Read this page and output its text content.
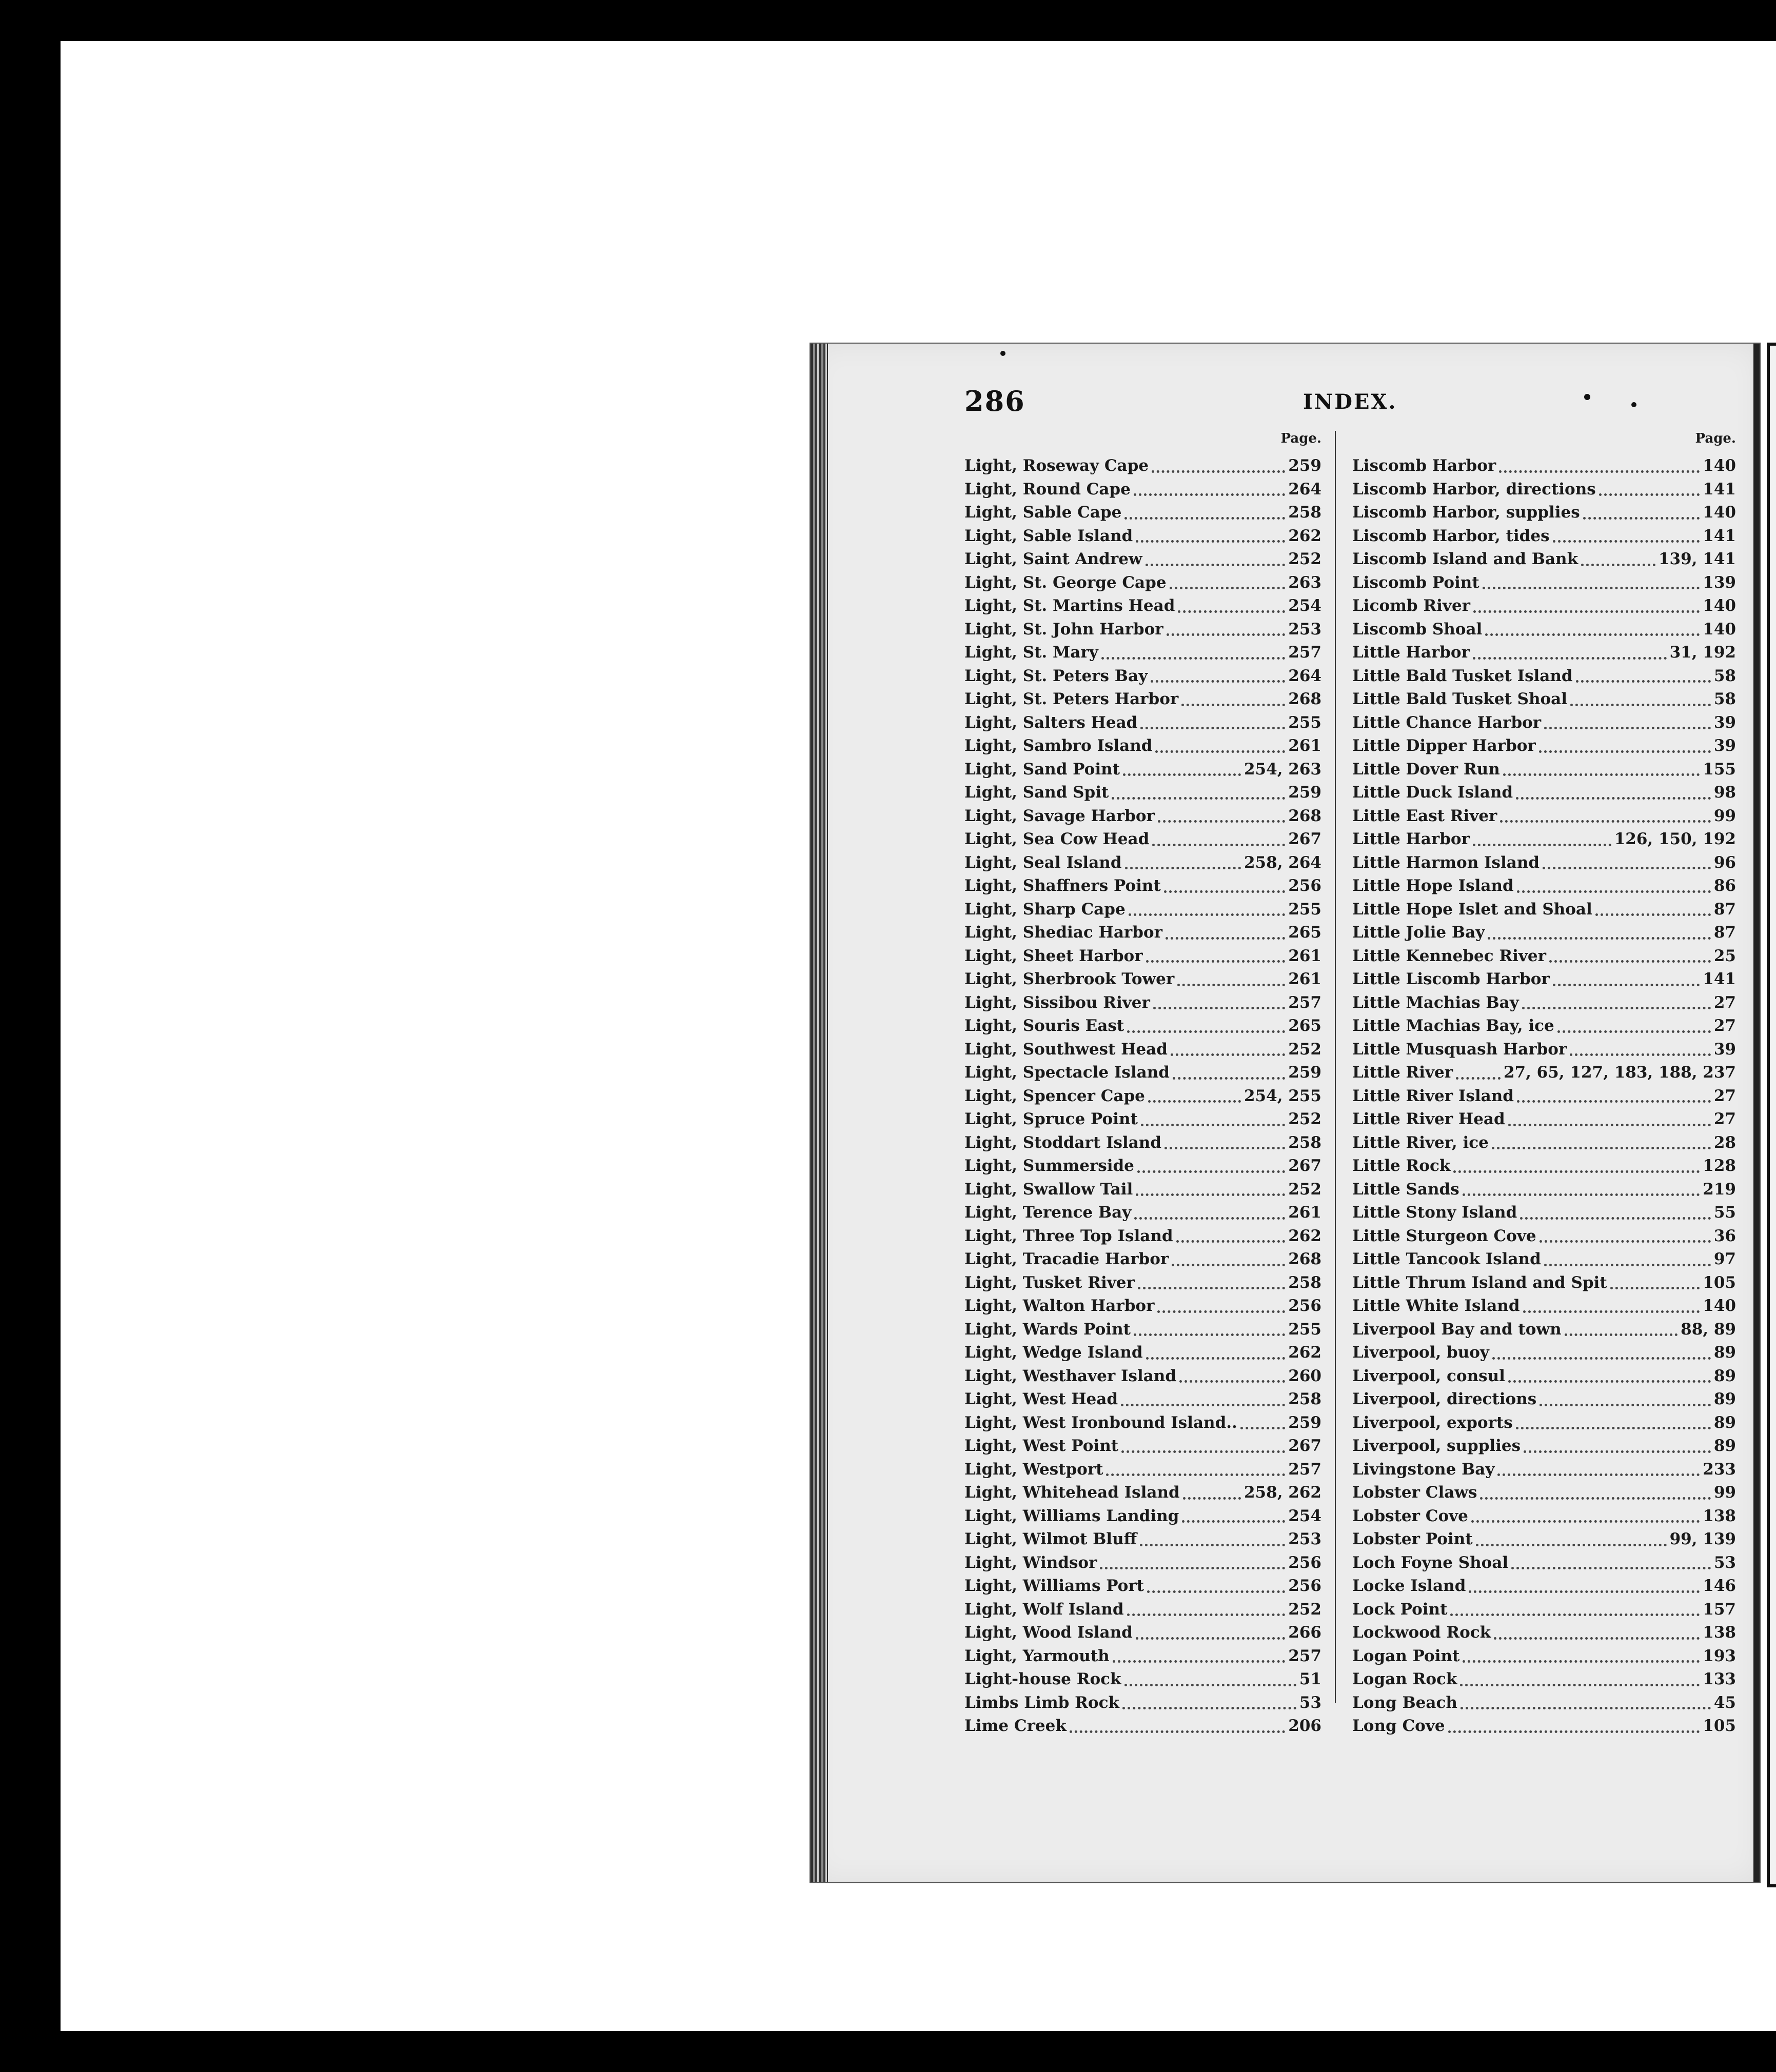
286	INDEX.
Page.
Light, Roseway Cape	259
Light, Round Cape	264
Light, Sable Cape	258
Light, Sable Island	262
Light, Saint Andrew	252
Light, St. George Cape	263
Light, St. Martins Head	254
Light, St. John Harbor	253
Light, St. Mary	257
Light, St. Peters Bay	264
Light, St. Peters Harbor	268
Light, Salters Head	255
Light, Sambro Island	261
Light, Sand Point	254, 263
Light, Sand Spit	259
Light, Savage Harbor	268
Light, Sea Cow Head	267
Light, Seal Island	258, 264
Light, Shaffners Point	256
Light, Sharp Cape	255
Light, Shediac Harbor	265
Light, Sheet Harbor	261
Light, Sherbrook Tower	261
Light, Sissibou River	257
Light, Souris East	265
Light, Southwest Head	252
Light, Spectacle Island	259
Light, Spencer Cape	254, 255
Light, Spruce Point	252
Light, Stoddart Island	258
Light, Summerside	267
Light, Swallow Tail	252
Light, Terence Bay	261
Light, Three Top Island	262
Light, Tracadie Harbor	268
Light, Tusket River	258
Light, Walton Harbor	256
Light, Wards Point	255
Light, Wedge Island	262
Light, Westhaver Island	260
Light, West Head	258
Light, West Ironbound Island..	259
Light, West Point	267
Light, Westport	257
Light, Whitehead Island	258, 262
Light, Williams Landing	254
Light, Wilmot Bluff	253
Light, Windsor	256
Light, Williams Port	256
Light, Wolf Island	252
Light, Wood Island	266
Light, Yarmouth	257
Light-house Rock	51
Limbs Limb Rock	53
Lime Creek	206
Page.
Liscomb Harbor	140
Liscomb Harbor, directions	141
Liscomb Harbor, supplies	140
Liscomb Harbor, tides	141
Liscomb Island and Bank	139, 141
Liscomb Point	139
Licomb River	140
Liscomb Shoal	140
Little Harbor	31, 192
Little Bald Tusket Island	58
Little Bald Tusket Shoal	58
Little Chance Harbor	39
Little Dipper Harbor	39
Little Dover Run	155
Little Duck Island	98
Little East River	99
Little Harbor	126, 150, 192
Little Harmon Island	96
Little Hope Island	86
Little Hope Islet and Shoal	87
Little Jolie Bay	87
Little Kennebec River	25
Little Liscomb Harbor	141
Little Machias Bay	27
Little Machias Bay, ice	27
Little Musquash Harbor	39
Little River	27, 65, 127, 183, 188, 237
Little River Island	27
Little River Head	27
Little River, ice	28
Little Rock	128
Little Sands	219
Little Stony Island	55
Little Sturgeon Cove	36
Little Tancook Island	97
Little Thrum Island and Spit	105
Little White Island	140
Liverpool Bay and town	88, 89
Liverpool, buoy	89
Liverpool, consul	89
Liverpool, directions	89
Liverpool, exports	89
Liverpool, supplies	89
Livingstone Bay	233
Lobster Claws	99
Lobster Cove	138
Lobster Point	99, 139
Loch Foyne Shoal	53
Locke Island	146
Lock Point	157
Lockwood Rock	138
Logan Point	193
Logan Rock	133
Long Beach	45
Long Cove	105
